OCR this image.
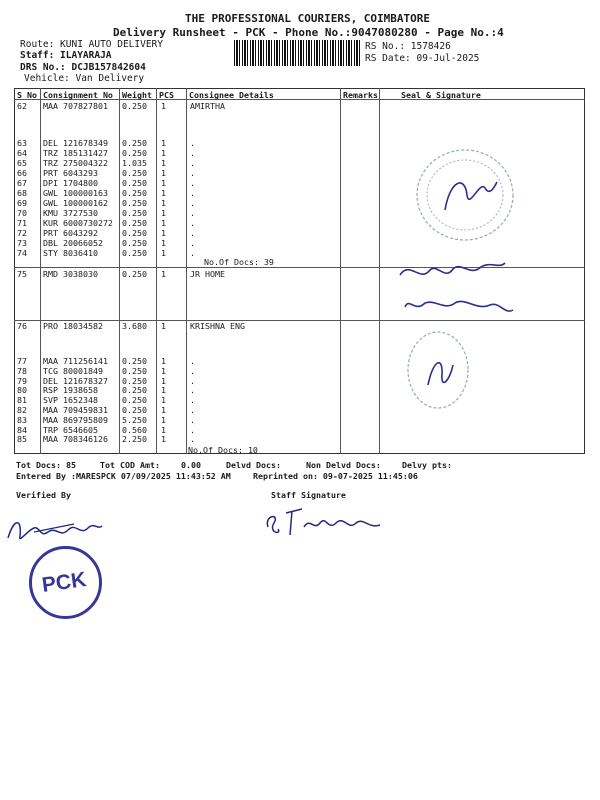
THE PROFESSIONAL COURIERS, COIMBATORE
Delivery Runsheet - PCK - Phone No.:9047080280 - Page No.:4
Route: KUNI AUTO DELIVERY
Staff: ILAYARAJA
DRS No.: DCJB157842604
Vehicle: Van Delivery
RS No.: 1578426
RS Date: 09-Jul-2025
S No Consignment No Weight PCS Consignee Details	Remarks	Seal & Signature
62 MAA 707827801 0.250 1	AMIRTHA
63 DEL 121678349 0.250 1	.
64 TRZ 185131427 0.250 1	.
65 TRZ 275004322 1.035 1	.
66 PRT 6043293	0.250 1	.
67 DPI 1704800	0.250 1	.
68 GWL 100000163 0.250 1	.
69 GWL 100000162 0.250 1	.
70 KMU 3727530	0.250 1	.
71 KUR 6000730272 0.250 1	.
72 PRT 6043292	0.250 1	.
73 DBL 20066052 0.250 1	.
74 STY 8036410	0.250 1	.
No.Of Docs: 39
75 RMD 3038030	0.250 1	JR HOME
76 PRO 18034582 3.680 1	KRISHNA ENG
77 MAA 711256141 0.250 1	.
78 TCG 80001849 0.250 1	.
79 DEL 121678327 0.250 1	.
80 RSP 1938658	0.250 1	.
81 SVP 1652348	0.250 1	.
82 MAA 709459831 0.250 1	.
83 MAA 869795809 5.250 1	.
84 TRP 6546605	0.560 1	.
85 MAA 708346126 2.250 1	.
No.Of Docs: 10
Tot Docs: 85	Tot COD Amt:	0.00	Delvd Docs:	Non Delvd Docs:	Delvy pts:
Entered By :MARESPCK 07/09/2025 11:43:52 AM	Reprinted on: 09-07-2025 11:45:06
Verified By	Staff Signature
PCK
